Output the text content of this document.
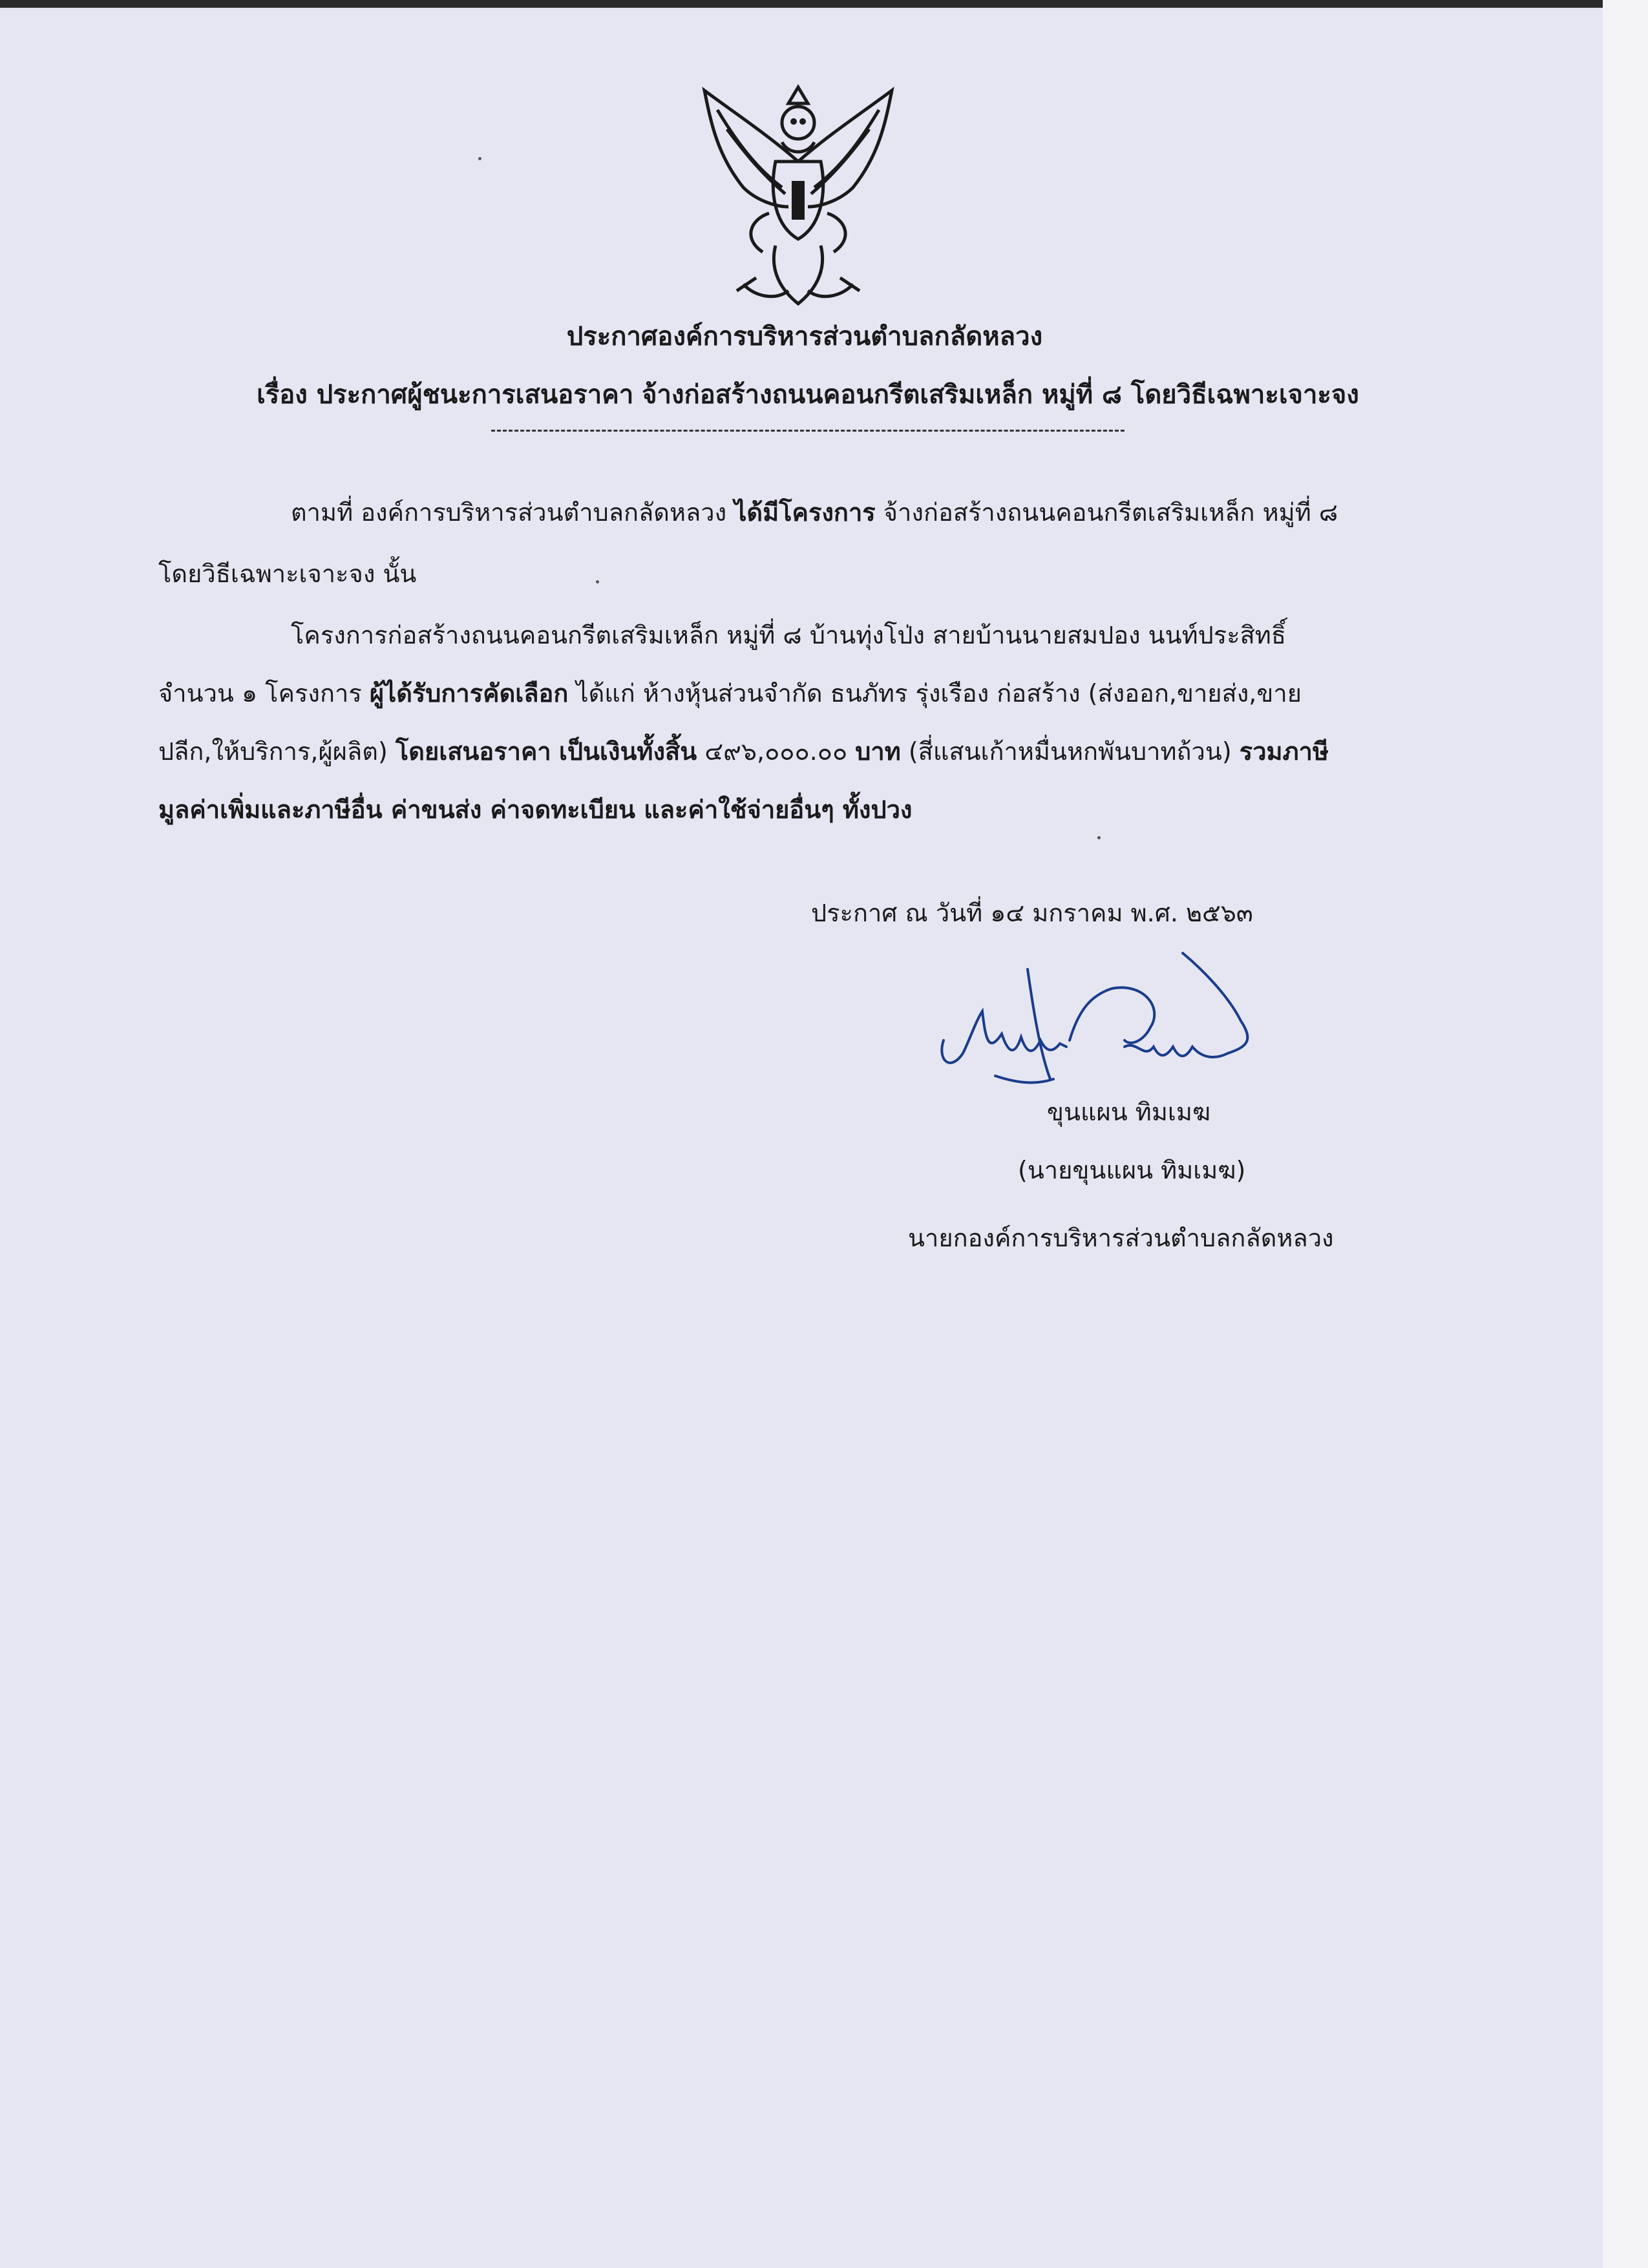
ประกาศองค์การบริหารส่วนตำบลกลัดหลวง
เรื่อง ประกาศผู้ชนะการเสนอราคา จ้างก่อสร้างถนนคอนกรีตเสริมเหล็ก หมู่ที่ ๘ โดยวิธีเฉพาะเจาะจง
ตามที่ องค์การบริหารส่วนตำบลกลัดหลวง ได้มีโครงการ จ้างก่อสร้างถนนคอนกรีตเสริมเหล็ก หมู่ที่ ๘
โดยวิธีเฉพาะเจาะจง นั้น
โครงการก่อสร้างถนนคอนกรีตเสริมเหล็ก หมู่ที่ ๘ บ้านทุ่งโป่ง สายบ้านนายสมปอง นนท์ประสิทธิ์
จำนวน ๑ โครงการ ผู้ได้รับการคัดเลือก ได้แก่ ห้างหุ้นส่วนจำกัด ธนภัทร รุ่งเรือง ก่อสร้าง (ส่งออก,ขายส่ง,ขาย
ปลีก,ให้บริการ,ผู้ผลิต) โดยเสนอราคา เป็นเงินทั้งสิ้น ๔๙๖,๐๐๐.๐๐ บาท (สี่แสนเก้าหมื่นหกพันบาทถ้วน) รวมภาษี
มูลค่าเพิ่มและภาษีอื่น ค่าขนส่ง ค่าจดทะเบียน และค่าใช้จ่ายอื่นๆ ทั้งปวง
ประกาศ ณ วันที่ ๑๔ มกราคม พ.ศ. ๒๕๖๓
ขุนแผน ทิมเมฆ
(นายขุนแผน ทิมเมฆ)
นายกองค์การบริหารส่วนตำบลกลัดหลวง
